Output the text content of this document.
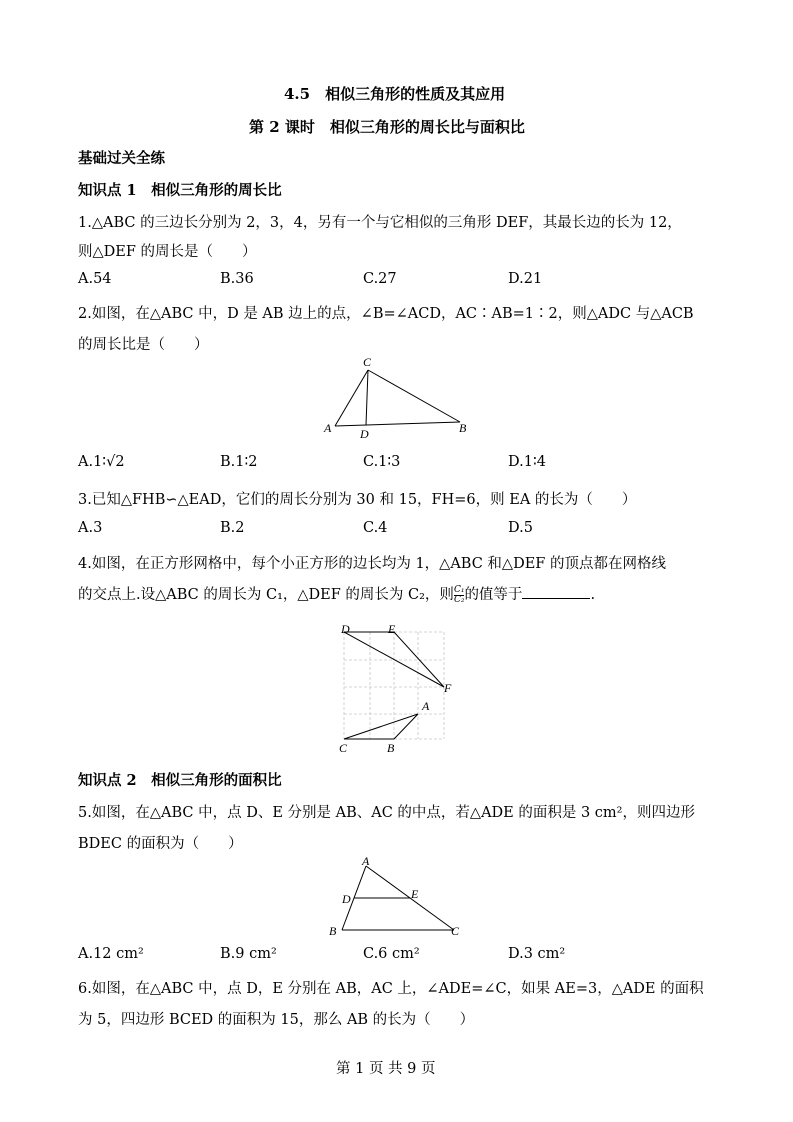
4.5　相似三角形的性质及其应用
第 2 课时　相似三角形的周长比与面积比
基础过关全练
知识点 1　相似三角形的周长比
1.△ABC 的三边长分别为 2，3，4，另有一个与它相似的三角形 DEF，其最长边的长为 12，
则△DEF 的周长是（　　）
A.54	B.36	C.27	D.21
2.如图，在△ABC 中，D 是 AB 边上的点，∠B=∠ACD，AC∶AB=1∶2，则△ADC 与△ACB
的周长比是（　　）
C
A D	B
A.1∶√2	B.1∶2	C.1∶3	D.1∶4
3.已知△FHB∽△EAD，它们的周长分别为 30 和 15，FH=6，则 EA 的长为（　　）
A.3	B.2	C.4	D.5
4.如图，在正方形网格中，每个小正方形的边长均为 1，△ABC 和△DEF 的顶点都在网格线
的交点上.设△ABC 的周长为 C₁，△DEF 的周长为 C₂，则 $\frac{\text{C₁}}{\text{C₂}}$ 的值等于	.
D	E
F
A
C	B
知识点 2　相似三角形的面积比
5.如图，在△ABC 中，点 D、E 分别是 AB、AC 的中点，若△ADE 的面积是 3 cm²，则四边形
BDEC 的面积为（　　）
A
D	E
B	C
A.12 cm²	B.9 cm²	C.6 cm²	D.3 cm²
6.如图，在△ABC 中，点 D，E 分别在 AB，AC 上，∠ADE=∠C，如果 AE=3，△ADE 的面积
为 5，四边形 BCED 的面积为 15，那么 AB 的长为（　　）
第 1 页 共 9 页
